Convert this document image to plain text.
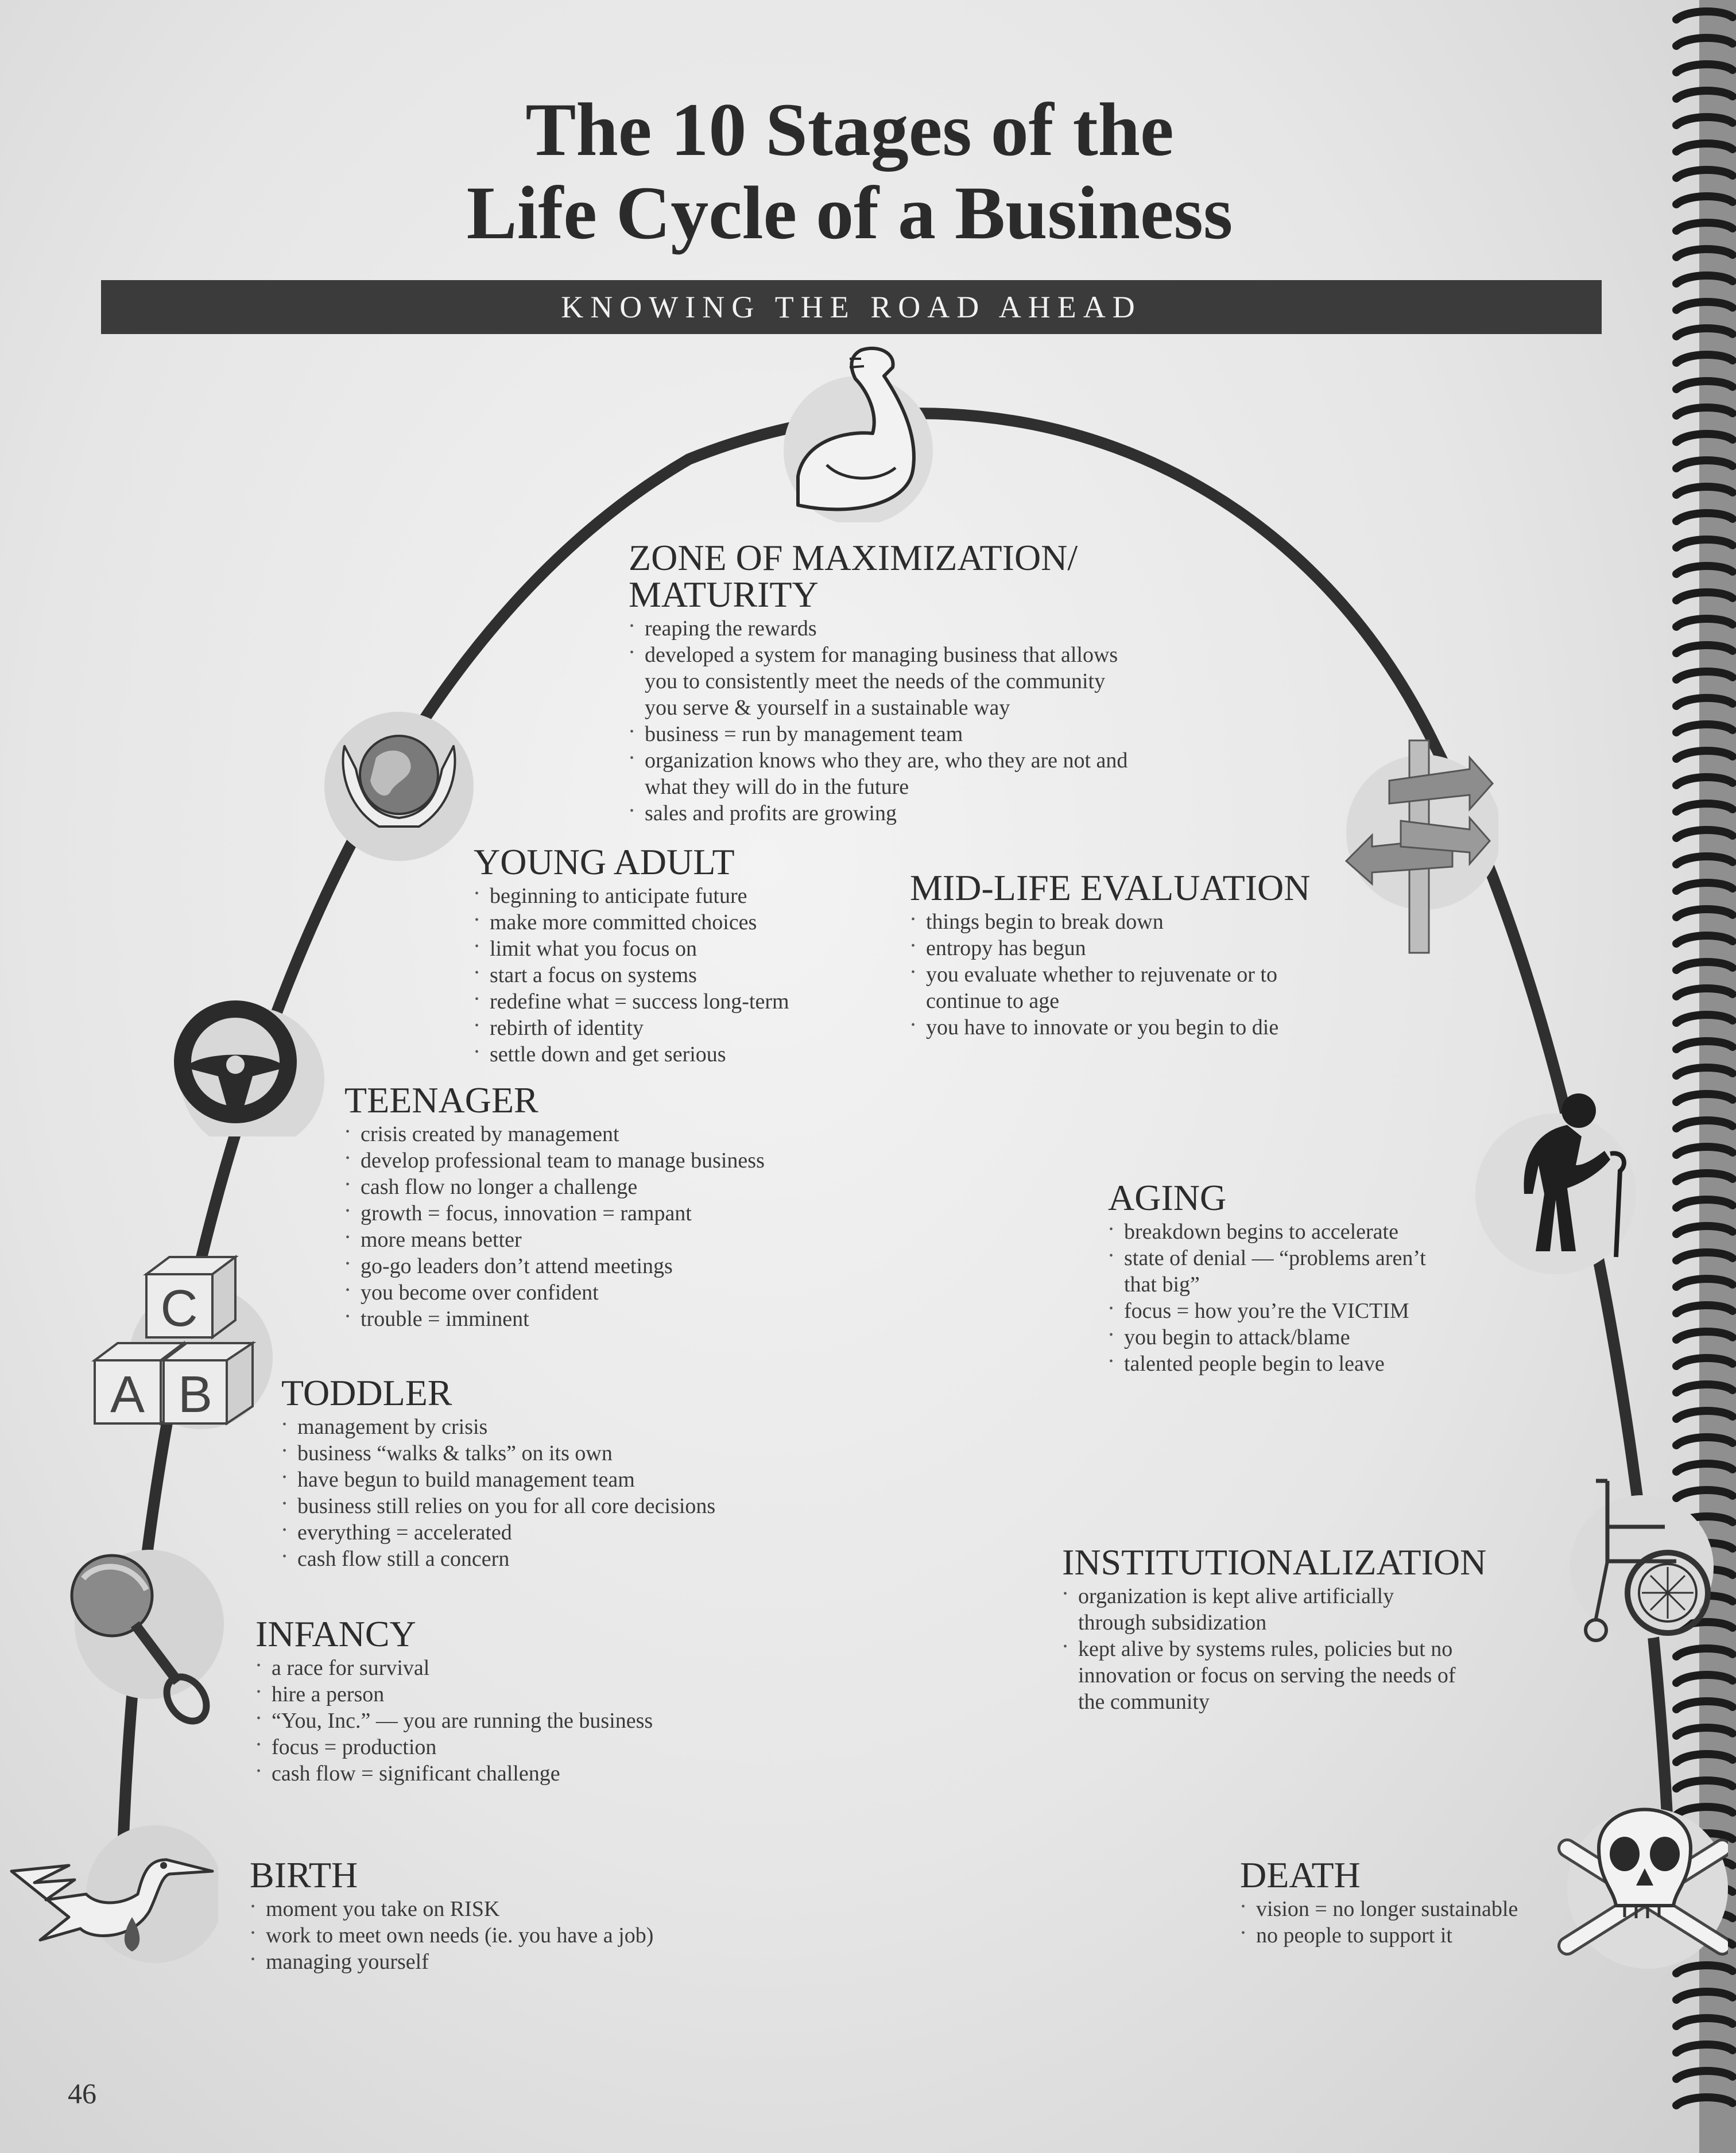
The 10 Stages of the
Life Cycle of a Business
KNOWING THE ROAD AHEAD
C
A B
ZONE OF MAXIMIZATION/
MATURITY
• reaping the rewards
• developed a system for managing business that allows
you to consistently meet the needs of the community
you serve & yourself in a sustainable way
• business = run by management team
• organization knows who they are, who they are not and
what they will do in the future
• sales and profits are growing
YOUNG ADULT
• beginning to anticipate future
• make more committed choices
• limit what you focus on
• start a focus on systems
• redefine what = success long-term
• rebirth of identity
• settle down and get serious
MID-LIFE EVALUATION
• things begin to break down
• entropy has begun
• you evaluate whether to rejuvenate or to
continue to age
• you have to innovate or you begin to die
TEENAGER
• crisis created by management
• develop professional team to manage business
• cash flow no longer a challenge
• growth = focus, innovation = rampant
• more means better
• go-go leaders don’t attend meetings
• you become over confident
• trouble = imminent
AGING
• breakdown begins to accelerate
• state of denial — “problems aren’t
that big”
• focus = how you’re the VICTIM
• you begin to attack/blame
• talented people begin to leave
TODDLER
• management by crisis
• business “walks & talks” on its own
• have begun to build management team
• business still relies on you for all core decisions
• everything = accelerated
• cash flow still a concern	INSTITUTIONALIZATION
• organization is kept alive artificially
through subsidization
• kept alive by systems rules, policies but no
innovation or focus on serving the needs of
the community
INFANCY
• a race for survival
• hire a person
• “You, Inc.” — you are running the business
• focus = production
• cash flow = significant challenge
BIRTH
• moment you take on RISK
• work to meet own needs (ie. you have a job)
• managing yourself
DEATH
• vision = no longer sustainable
• no people to support it
46
